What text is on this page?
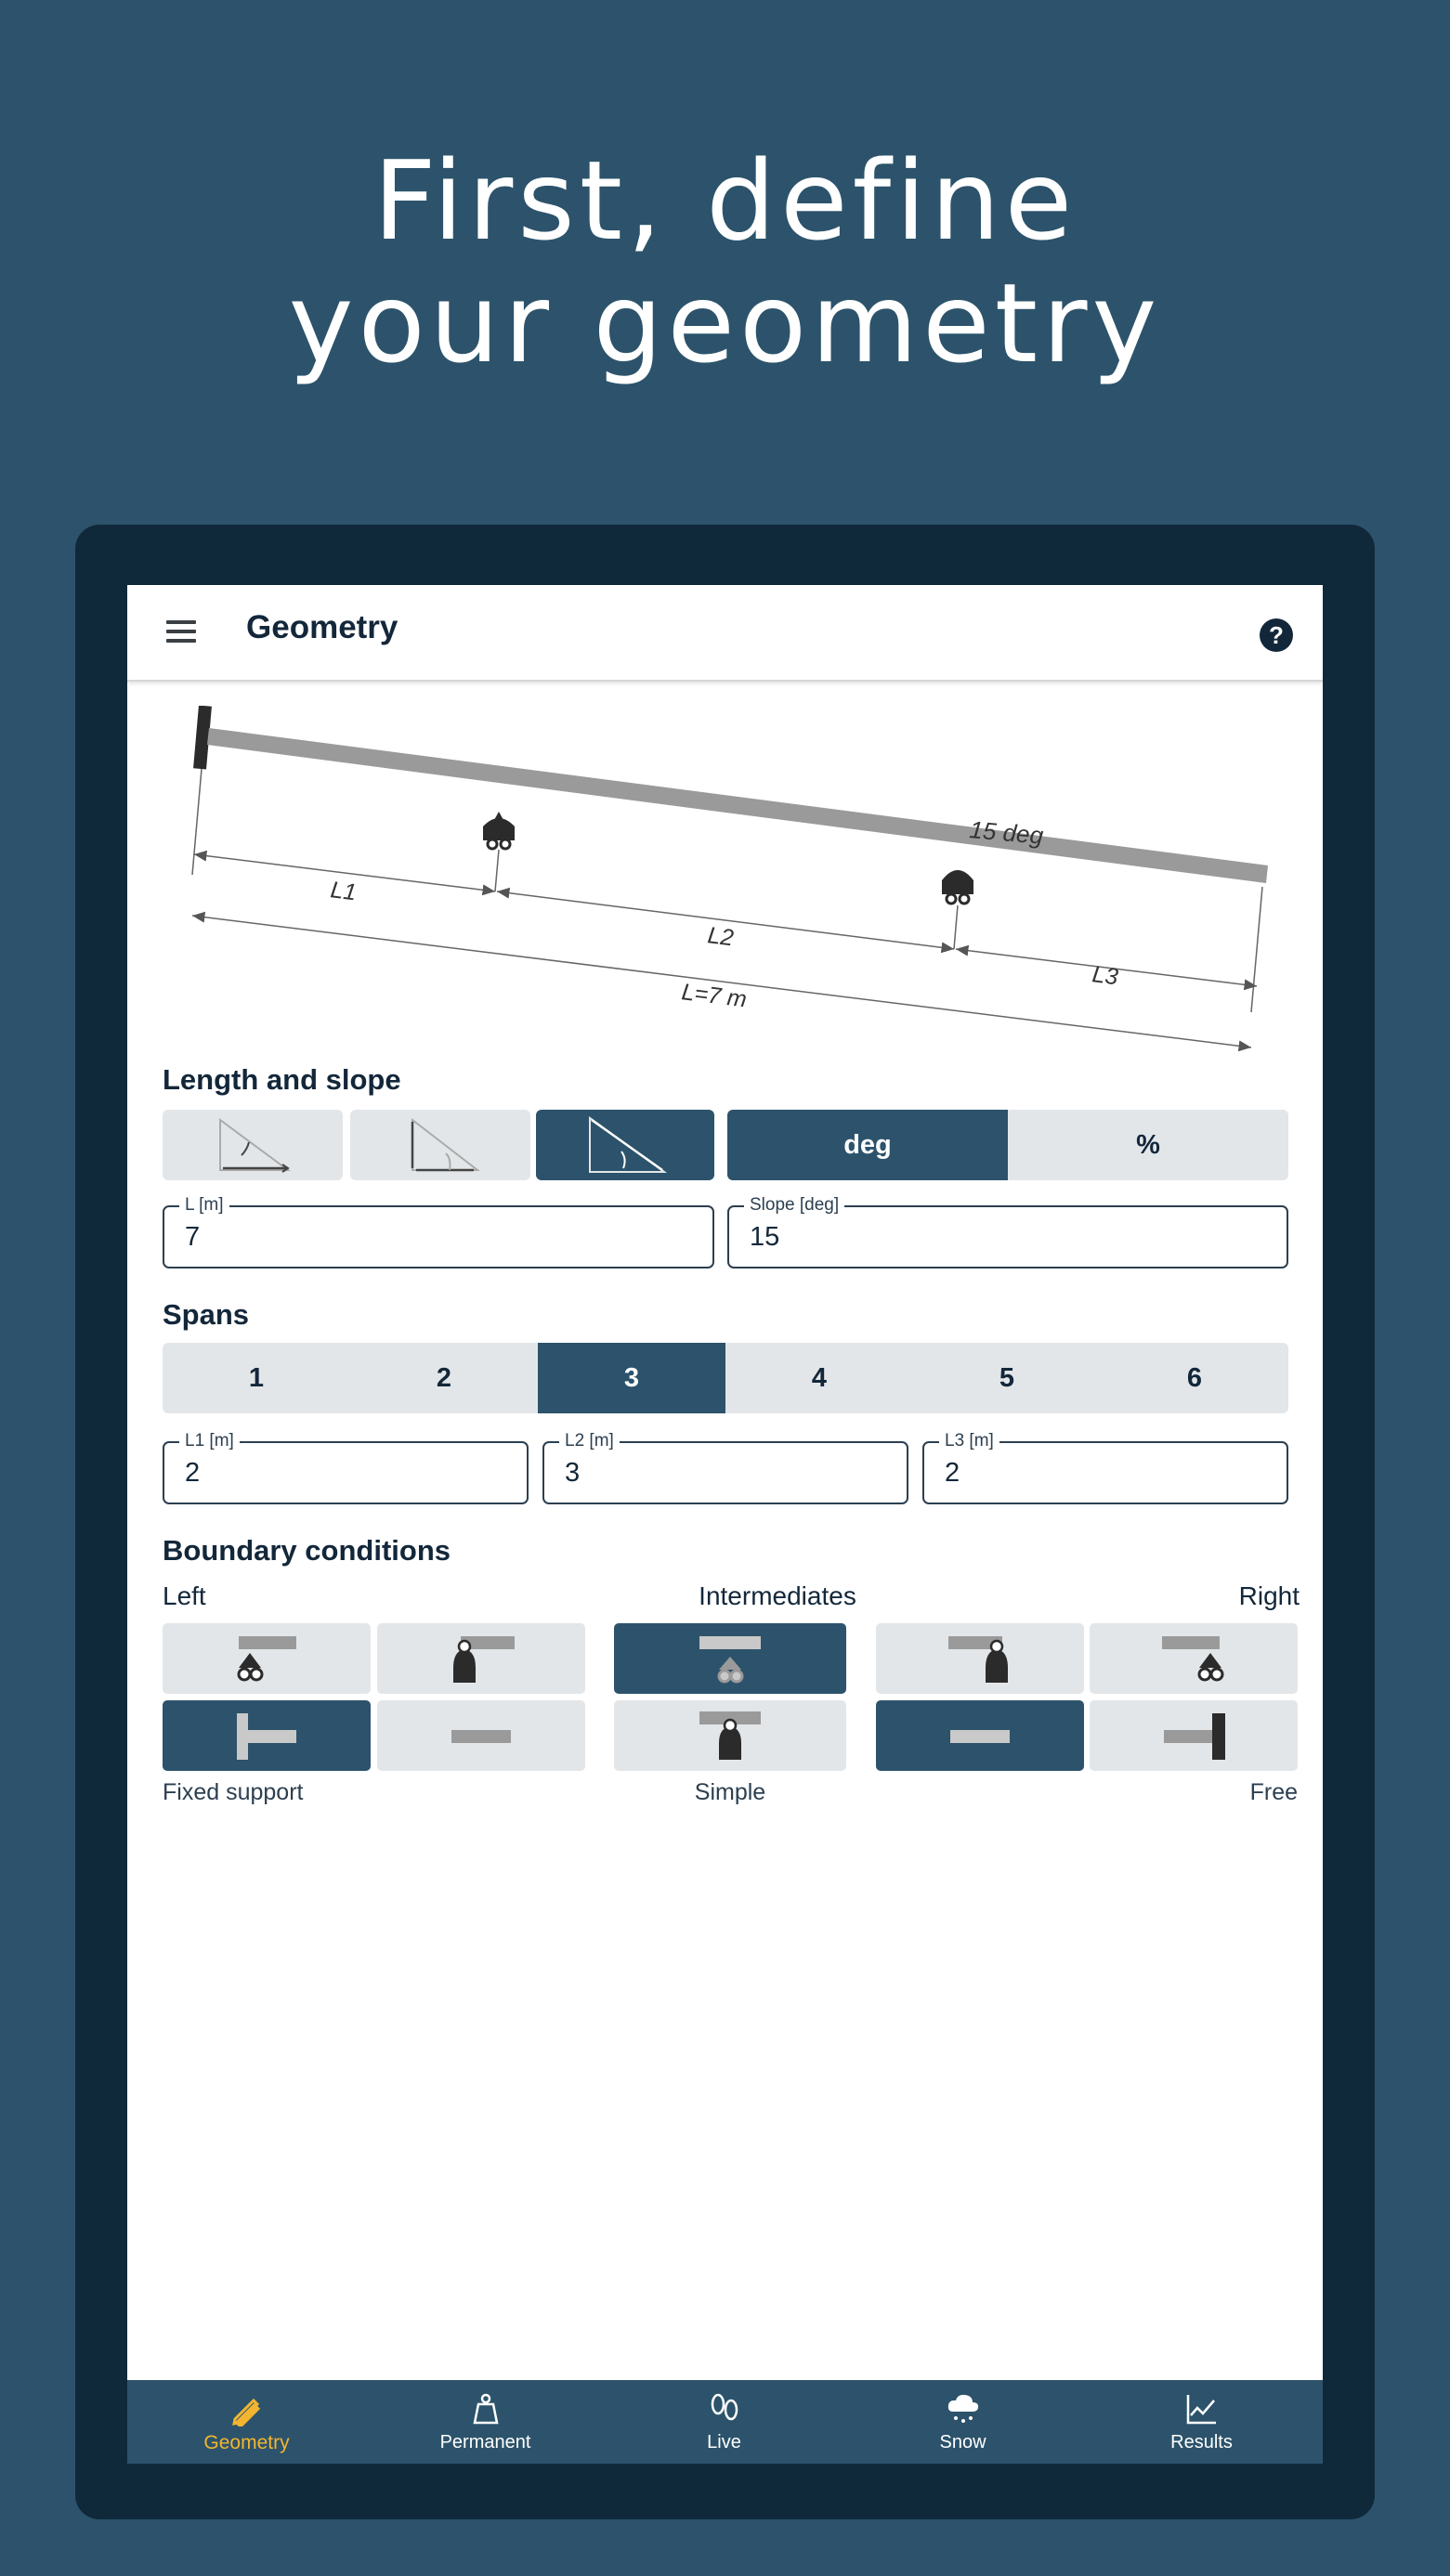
First, define
your geometry
Geometry	?
15 deg
L1
L2
L3
L=7 m
Length and slope
deg	%
L [m]
7
Slope [deg]
15
Spans
1	2	3	4	5	6
L1 [m]
2
L2 [m]
3
L3 [m]
2
Boundary conditions
Left	Intermediates	Right
Fixed support	Simple	Free
Geometry	Permanent	Live	Snow	Results
